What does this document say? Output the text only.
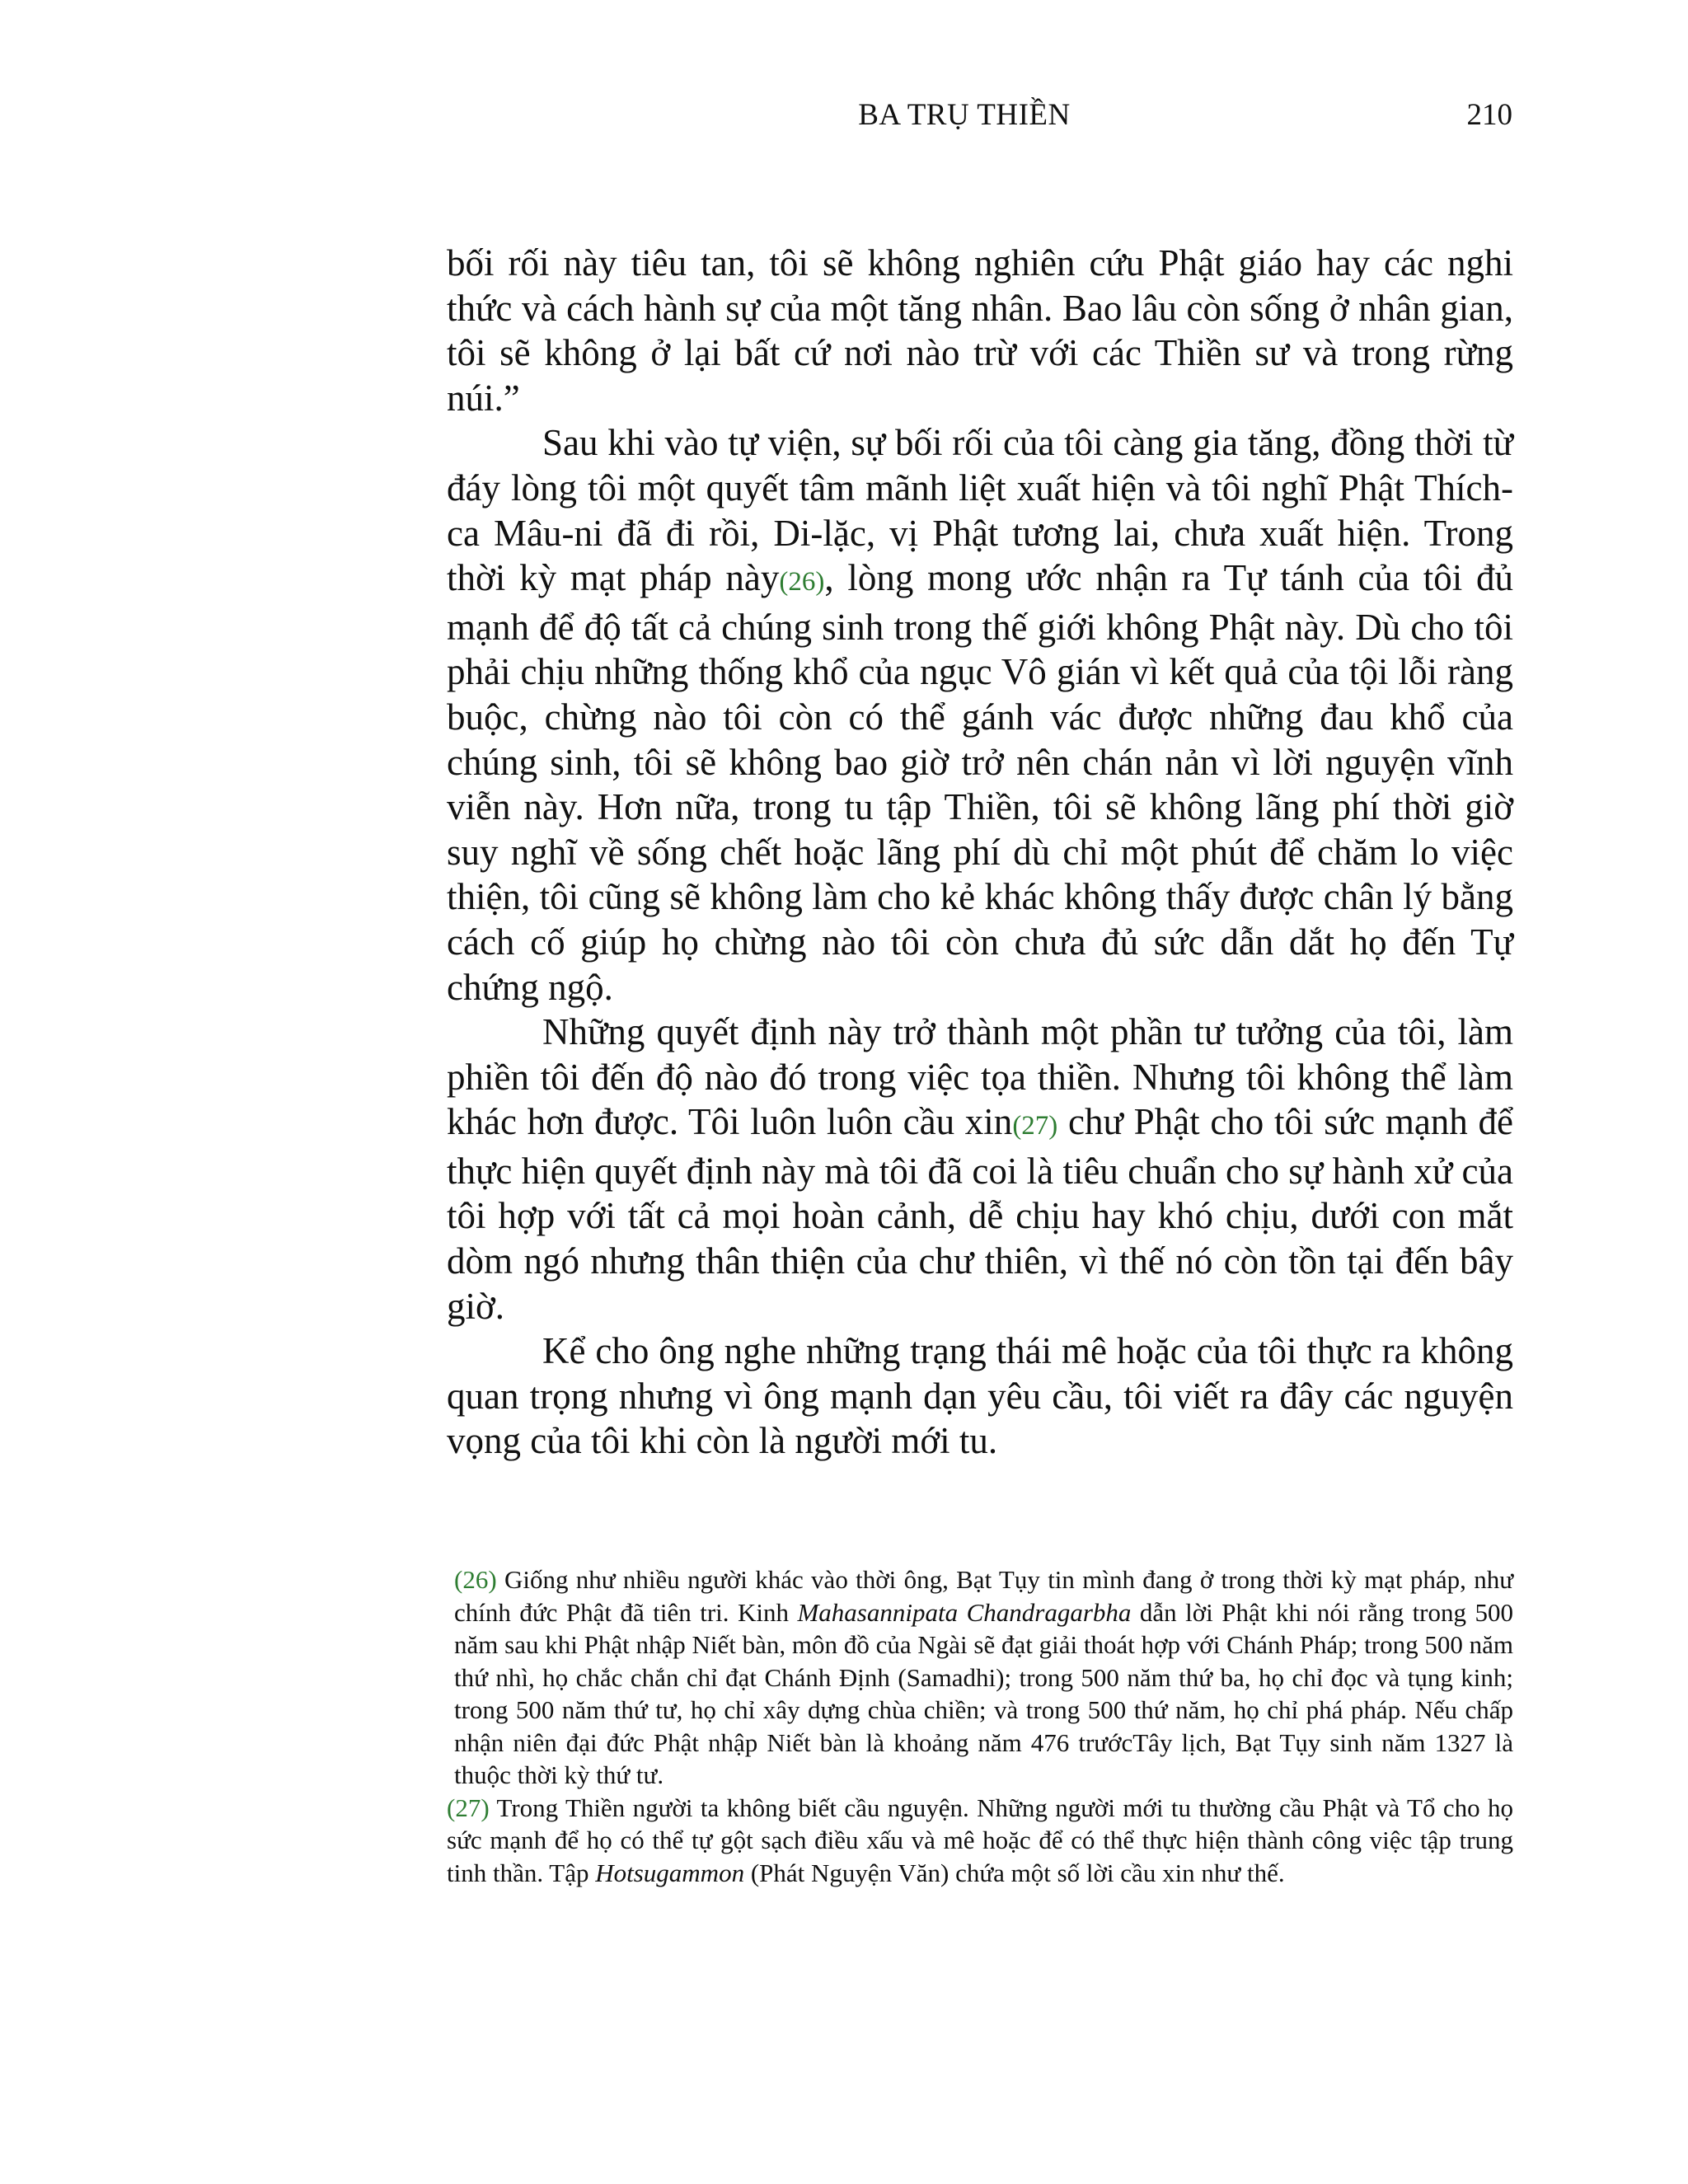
BA TRỤ THIỀN	210

bối rối này tiêu tan, tôi sẽ không nghiên cứu Phật giáo hay các nghi thức và cách hành sự của một tăng nhân. Bao lâu còn sống ở nhân gian, tôi sẽ không ở lại bất cứ nơi nào trừ với các Thiền sư và trong rừng núi.”

Sau khi vào tự viện, sự bối rối của tôi càng gia tăng, đồng thời từ đáy lòng tôi một quyết tâm mãnh liệt xuất hiện và tôi nghĩ Phật Thích-ca Mâu-ni đã đi rồi, Di-lặc, vị Phật tương lai, chưa xuất hiện. Trong thời kỳ mạt pháp này(26), lòng mong ước nhận ra Tự tánh của tôi đủ mạnh để độ tất cả chúng sinh trong thế giới không Phật này. Dù cho tôi phải chịu những thống khổ của ngục Vô gián vì kết quả của tội lỗi ràng buộc, chừng nào tôi còn có thể gánh vác được những đau khổ của chúng sinh, tôi sẽ không bao giờ trở nên chán nản vì lời nguyện vĩnh viễn này. Hơn nữa, trong tu tập Thiền, tôi sẽ không lãng phí thời giờ suy nghĩ về sống chết hoặc lãng phí dù chỉ một phút để chăm lo việc thiện, tôi cũng sẽ không làm cho kẻ khác không thấy được chân lý bằng cách cố giúp họ chừng nào tôi còn chưa đủ sức dẫn dắt họ đến Tự chứng ngộ.

Những quyết định này trở thành một phần tư tưởng của tôi, làm phiền tôi đến độ nào đó trong việc tọa thiền. Nhưng tôi không thể làm khác hơn được. Tôi luôn luôn cầu xin(27) chư Phật cho tôi sức mạnh để thực hiện quyết định này mà tôi đã coi là tiêu chuẩn cho sự hành xử của tôi hợp với tất cả mọi hoàn cảnh, dễ chịu hay khó chịu, dưới con mắt dòm ngó nhưng thân thiện của chư thiên, vì thế nó còn tồn tại đến bây giờ.

Kể cho ông nghe những trạng thái mê hoặc của tôi thực ra không quan trọng nhưng vì ông mạnh dạn yêu cầu, tôi viết ra đây các nguyện vọng của tôi khi còn là người mới tu.

(26) Giống như nhiều người khác vào thời ông, Bạt Tụy tin mình đang ở trong thời kỳ mạt pháp, như chính đức Phật đã tiên tri. Kinh Mahasannipata Chandragarbha dẫn lời Phật khi nói rằng trong 500 năm sau khi Phật nhập Niết bàn, môn đồ của Ngài sẽ đạt giải thoát hợp với Chánh Pháp; trong 500 năm thứ nhì, họ chắc chắn chỉ đạt Chánh Định (Samadhi); trong 500 năm thứ ba, họ chỉ đọc và tụng kinh; trong 500 năm thứ tư, họ chỉ xây dựng chùa chiền; và trong 500 thứ năm, họ chỉ phá pháp. Nếu chấp nhận niên đại đức Phật nhập Niết bàn là khoảng năm 476 trướcTây lịch, Bạt Tụy sinh năm 1327 là thuộc thời kỳ thứ tư.

(27) Trong Thiền người ta không biết cầu nguyện. Những người mới tu thường cầu Phật và Tổ cho họ sức mạnh để họ có thể tự gột sạch điều xấu và mê hoặc để có thể thực hiện thành công việc tập trung tinh thần. Tập Hotsugammon (Phát Nguyện Văn) chứa một số lời cầu xin như thế.
